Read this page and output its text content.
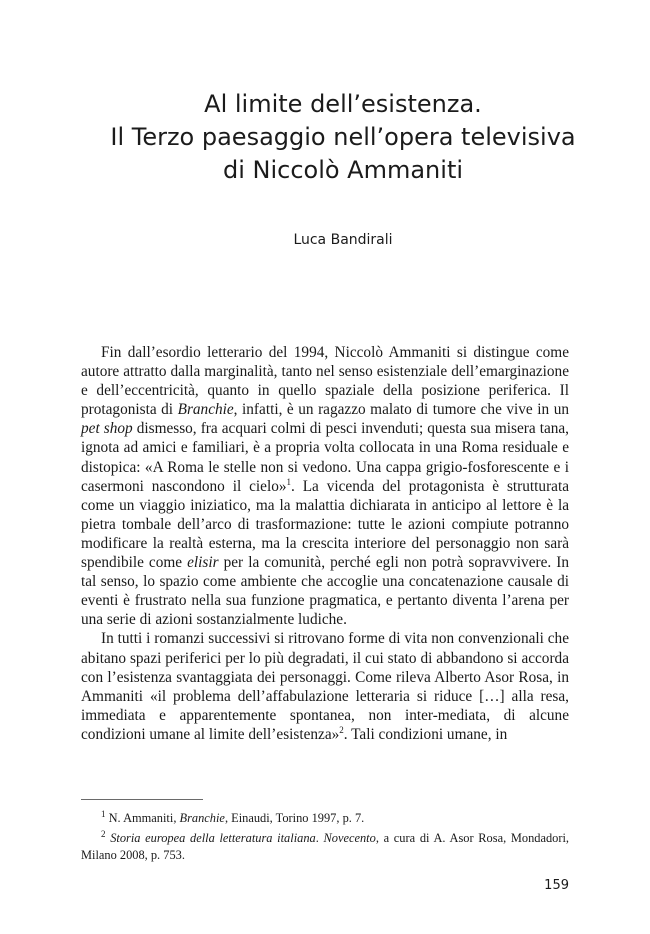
Al limite dell’esistenza.
Il Terzo paesaggio nell’opera televisiva
di Niccolò Ammaniti
Luca Bandirali

Fin dall’esordio letterario del 1994, Niccolò Ammaniti si distingue come autore attratto dalla marginalità, tanto nel senso esistenziale dell’emarginazione e dell’eccentricità, quanto in quello spaziale della posizione periferica. Il protagonista di Branchie, infatti, è un ragazzo malato di tumore che vive in un pet shop dismesso, fra acquari colmi di pesci invenduti; questa sua misera tana, ignota ad amici e familiari, è a propria volta collocata in una Roma residuale e distopica: «A Roma le stelle non si vedono. Una cappa grigio-fosforescente e i casermoni nascondono il cielo»$^1$. La vicenda del protagonista è strutturata come un viaggio iniziatico, ma la malattia dichiarata in anticipo al lettore è la pietra tombale dell’arco di trasformazione: tutte le azioni compiute potranno modificare la realtà esterna, ma la crescita interiore del personaggio non sarà spendibile come elisir per la comunità, perché egli non potrà sopravvivere. In tal senso, lo spazio come ambiente che accoglie una concatenazione causale di eventi è frustrato nella sua funzione pragmatica, e pertanto diventa l’arena per una serie di azioni sostanzialmente ludiche.

In tutti i romanzi successivi si ritrovano forme di vita non convenzionali che abitano spazi periferici per lo più degradati, il cui stato di abbandono si accorda con l’esistenza svantaggiata dei personaggi. Come rileva Alberto Asor Rosa, in Ammaniti «il problema dell’affabulazione letteraria si riduce […] alla resa, immediata e apparentemente spontanea, non inter-mediata, di alcune condizioni umane al limite dell’esistenza»$^2$. Tali condizioni umane, in

$^1$ N. Ammaniti, Branchie, Einaudi, Torino 1997, p. 7.

$^2$ Storia europea della letteratura italiana. Novecento, a cura di A. Asor Rosa, Mondadori, Milano 2008, p. 753.

159
